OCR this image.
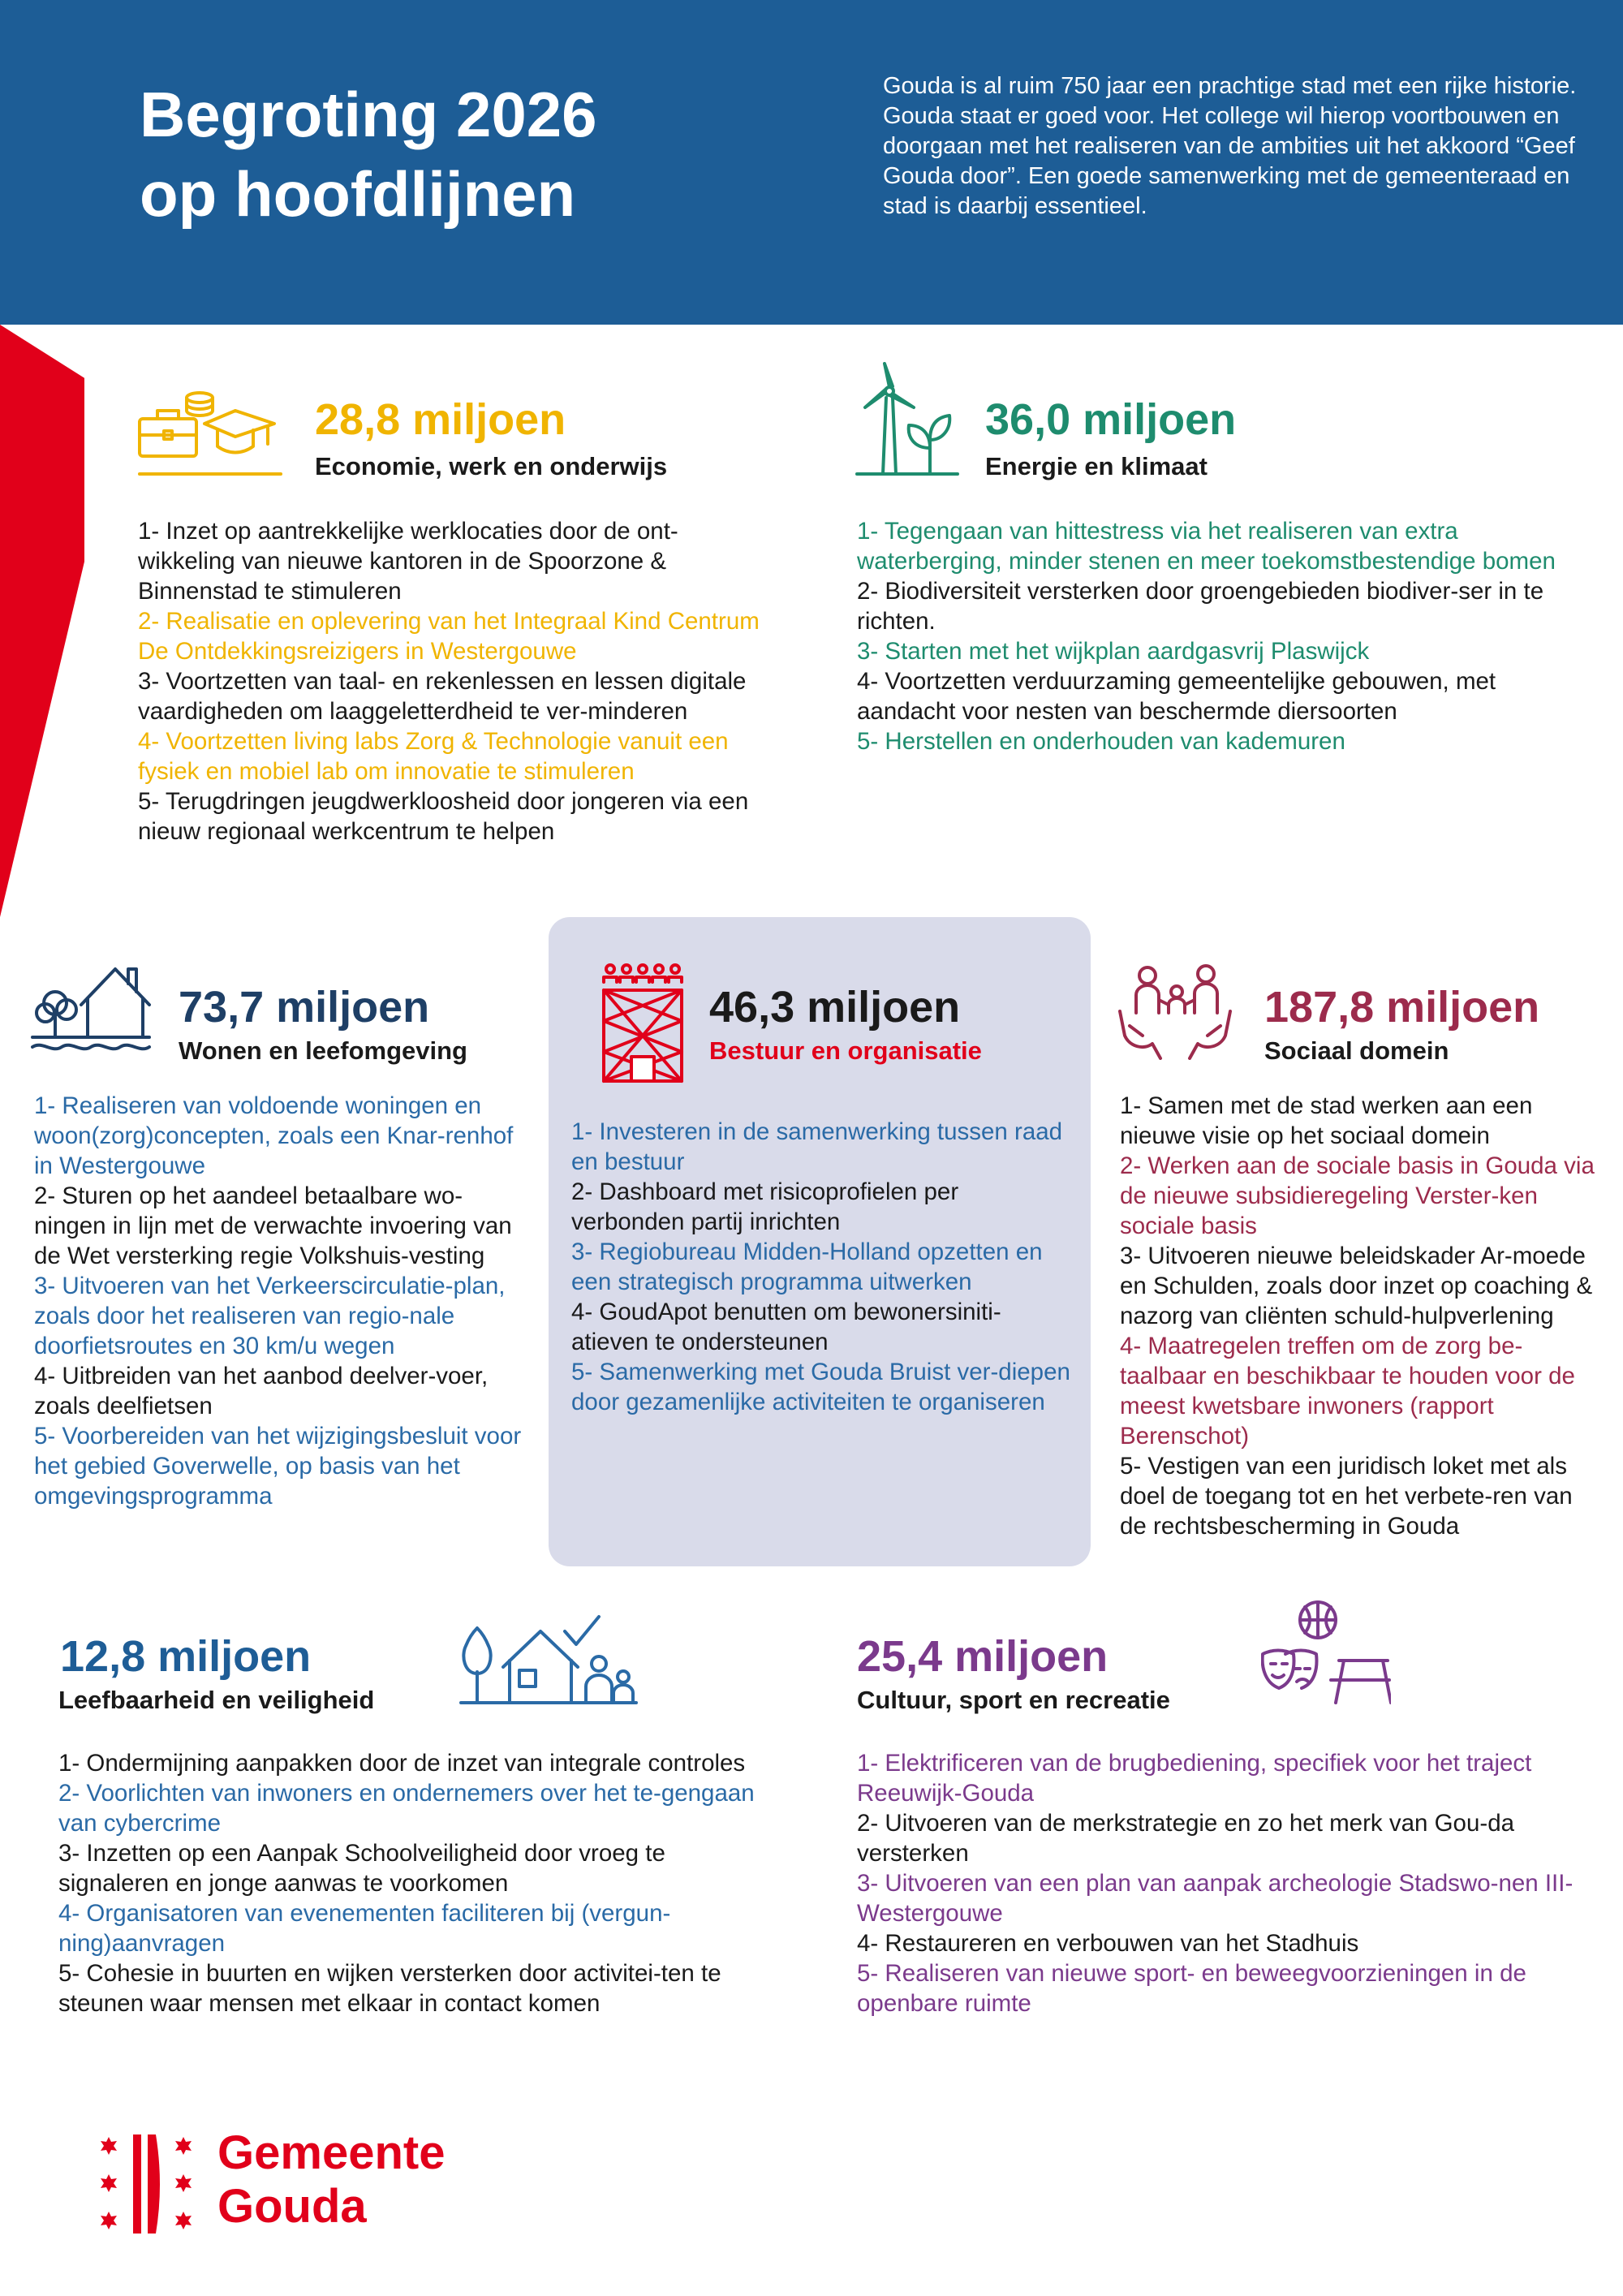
Begroting 2026
op hoofdlijnen

Gouda is al ruim 750 jaar een prachtige stad met een rijke historie. Gouda staat er goed voor. Het college wil hierop voortbouwen en doorgaan met het realiseren van de ambities uit het akkoord “Geef Gouda door”. Een goede samenwerking met de gemeenteraad en stad is daarbij essentieel.

28,8 miljoen
Economie, werk en onderwijs
1- Inzet op aantrekkelijke werklocaties door de ont-wikkeling van nieuwe kantoren in de Spoorzone & Binnenstad te stimuleren
2- Realisatie en oplevering van het Integraal Kind Centrum De Ontdekkingsreizigers in Westergouwe
3- Voortzetten van taal- en rekenlessen en lessen digitale vaardigheden om laaggeletterdheid te ver-minderen
4- Voortzetten living labs Zorg & Technologie vanuit een fysiek en mobiel lab om innovatie te stimuleren
5- Terugdringen jeugdwerkloosheid door jongeren via een nieuw regionaal werkcentrum te helpen
36,0 miljoen
Energie en klimaat
1- Tegengaan van hittestress via het realiseren van extra waterberging, minder stenen en meer toekomstbestendige bomen
2- Biodiversiteit versterken door groengebieden biodiver-ser in te richten.
3- Starten met het wijkplan aardgasvrij Plaswijck
4- Voortzetten verduurzaming gemeentelijke gebouwen, met aandacht voor nesten van beschermde diersoorten
5- Herstellen en onderhouden van kademuren
73,7 miljoen
Wonen en leefomgeving
1- Realiseren van voldoende woningen en woon(zorg)concepten, zoals een Knar-renhof in Westergouwe
2- Sturen op het aandeel betaalbare wo-ningen in lijn met de verwachte invoering van de Wet versterking regie Volkshuis-vesting
3- Uitvoeren van het Verkeerscirculatie-plan, zoals door het realiseren van regio-nale doorfietsroutes en 30 km/u wegen
4- Uitbreiden van het aanbod deelver-voer, zoals deelfietsen
5- Voorbereiden van het wijzigingsbesluit voor het gebied Goverwelle, op basis van het omgevingsprogramma
46,3 miljoen
Bestuur en organisatie
1- Investeren in de samenwerking tussen raad en bestuur
2- Dashboard met risicoprofielen per verbonden partij inrichten
3- Regiobureau Midden-Holland opzetten en een strategisch programma uitwerken
4- GoudApot benutten om bewonersiniti-atieven te ondersteunen
5- Samenwerking met Gouda Bruist ver-diepen door gezamenlijke activiteiten te organiseren
187,8 miljoen
Sociaal domein
1- Samen met de stad werken aan een nieuwe visie op het sociaal domein
2- Werken aan de sociale basis in Gouda via de nieuwe subsidieregeling Verster-ken sociale basis
3- Uitvoeren nieuwe beleidskader Ar-moede en Schulden, zoals door inzet op coaching & nazorg van cliënten schuld-hulpverlening
4- Maatregelen treffen om de zorg be-taalbaar en beschikbaar te houden voor de meest kwetsbare inwoners (rapport Berenschot)
5- Vestigen van een juridisch loket met als doel de toegang tot en het verbete-ren van de rechtsbescherming in Gouda
12,8 miljoen
Leefbaarheid en veiligheid
1- Ondermijning aanpakken door de inzet van integrale controles
2- Voorlichten van inwoners en ondernemers over het te-gengaan van cybercrime
3- Inzetten op een Aanpak Schoolveiligheid door vroeg te signaleren en jonge aanwas te voorkomen
4- Organisatoren van evenementen faciliteren bij (vergun-ning)aanvragen
5- Cohesie in buurten en wijken versterken door activitei-ten te steunen waar mensen met elkaar in contact komen
25,4 miljoen
Cultuur, sport en recreatie
1- Elektrificeren van de brugbediening, specifiek voor het traject Reeuwijk-Gouda
2- Uitvoeren van de merkstrategie en zo het merk van Gou-da versterken
3- Uitvoeren van een plan van aanpak archeologie Stadswo-nen III-Westergouwe
4- Restaureren en verbouwen van het Stadhuis
5- Realiseren van nieuwe sport- en beweegvoorzieningen in de openbare ruimte

Gemeente
Gouda
